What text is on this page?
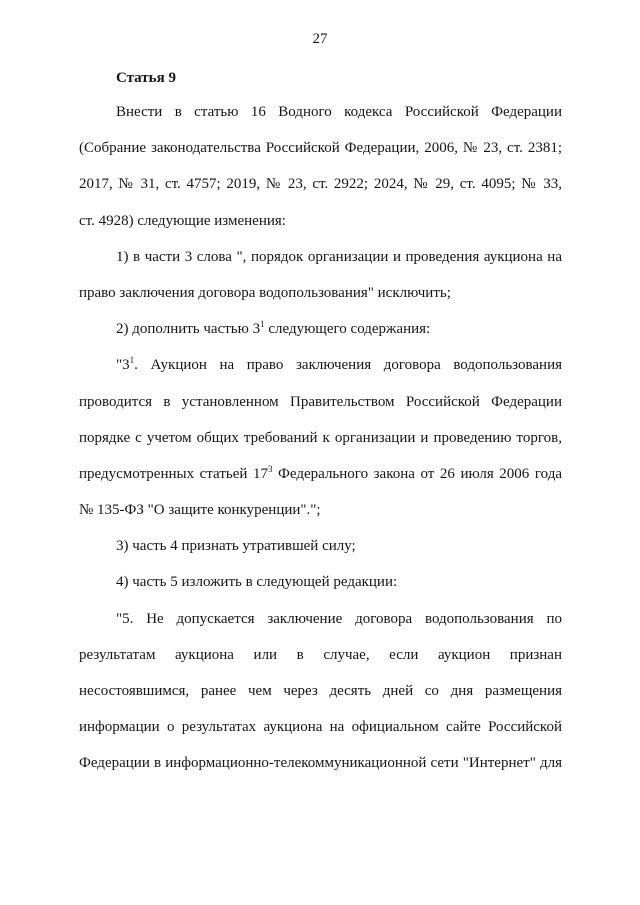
27
Статья 9
Внести в статью 16 Водного кодекса Российской Федерации
(Собрание законодательства Российской Федерации, 2006, № 23, ст. 2381;
2017, № 31, ст. 4757; 2019, № 23, ст. 2922; 2024, № 29, ст. 4095; № 33,
ст. 4928) следующие изменения:
1) в части 3 слова ", порядок организации и проведения аукциона на
право заключения договора водопользования" исключить;
2) дополнить частью $3^1$ следующего содержания:
"$3^1$. Аукцион на право заключения договора водопользования
проводится в установленном Правительством Российской Федерации
порядке с учетом общих требований к организации и проведению торгов,
предусмотренных статьей $17^3$ Федерального закона от 26 июля 2006 года
№ 135-ФЗ "О защите конкуренции".";
3) часть 4 признать утратившей силу;
4) часть 5 изложить в следующей редакции:
"5. Не допускается заключение договора водопользования по
результатам аукциона или в случае, если аукцион признан
несостоявшимся, ранее чем через десять дней со дня размещения
информации о результатах аукциона на официальном сайте Российской
Федерации в информационно-телекоммуникационной сети "Интернет" для
